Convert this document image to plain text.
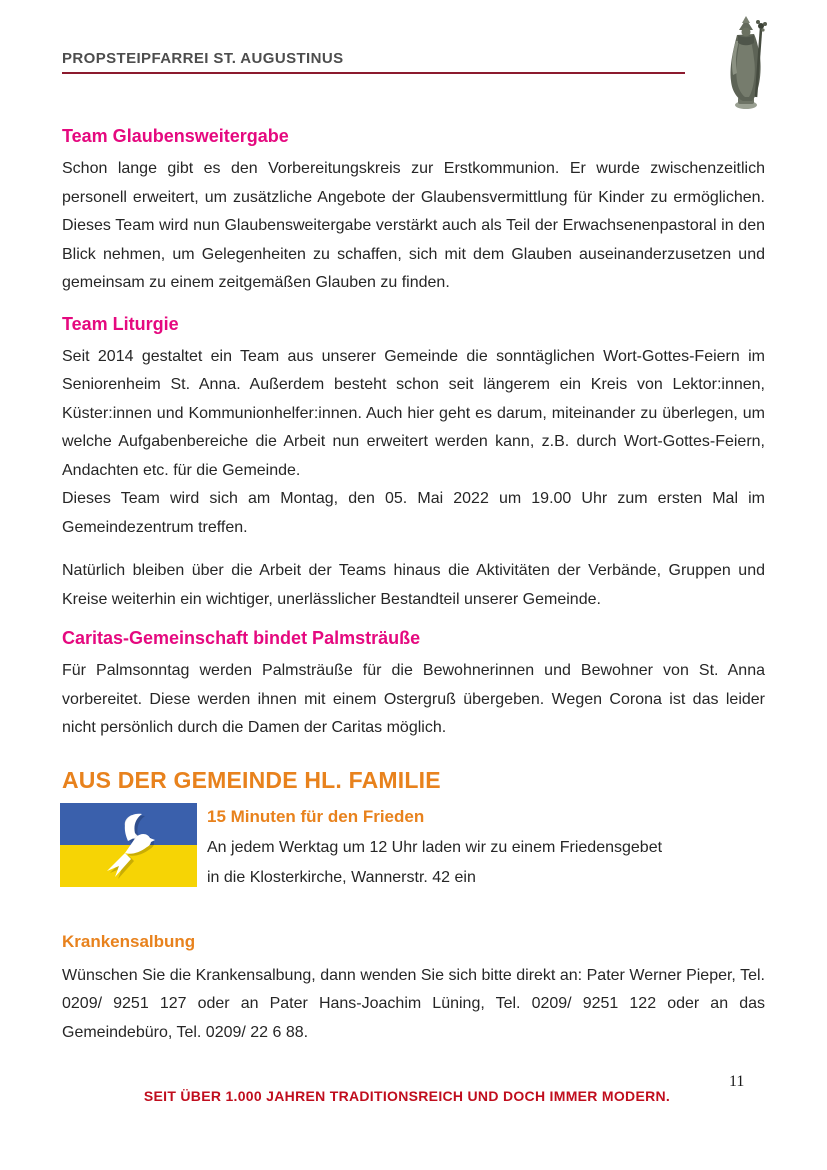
PROPSTEIPFARREI ST. AUGUSTINUS
Team Glaubensweitergabe

Schon lange gibt es den Vorbereitungskreis zur Erstkommunion. Er wurde zwischenzeitlich personell erweitert, um zusätzliche Angebote der Glaubensvermittlung für Kinder zu ermöglichen. Dieses Team wird nun Glaubensweitergabe verstärkt auch als Teil der Erwachsenenpastoral in den Blick nehmen, um Gelegenheiten zu schaffen, sich mit dem Glauben auseinanderzusetzen und gemeinsam zu einem zeitgemäßen Glauben zu finden.

Team Liturgie

Seit 2014 gestaltet ein Team aus unserer Gemeinde die sonntäglichen Wort-Gottes-Feiern im Seniorenheim St. Anna. Außerdem besteht schon seit längerem ein Kreis von Lektor:innen, Küster:innen und Kommunionhelfer:innen. Auch hier geht es darum, miteinander zu überlegen, um welche Aufgabenbereiche die Arbeit nun erweitert werden kann, z.B. durch Wort-Gottes-Feiern, Andachten etc. für die Gemeinde.

Dieses Team wird sich am Montag, den 05. Mai 2022 um 19.00 Uhr zum ersten Mal im Gemeindezentrum treffen.

Natürlich bleiben über die Arbeit der Teams hinaus die Aktivitäten der Verbände, Gruppen und Kreise weiterhin ein wichtiger, unerlässlicher Bestandteil unserer Gemeinde.

Caritas-Gemeinschaft bindet Palmsträuße

Für Palmsonntag werden Palmsträuße für die Bewohnerinnen und Bewohner von St. Anna vorbereitet. Diese werden ihnen mit einem Ostergruß übergeben. Wegen Corona ist das leider nicht persönlich durch die Damen der Caritas möglich.

AUS DER GEMEINDE HL. FAMILIE
15 Minuten für den Frieden
An jedem Werktag um 12 Uhr laden wir zu einem Friedensgebet
in die Klosterkirche, Wannerstr. 42 ein
Krankensalbung

Wünschen Sie die Krankensalbung, dann wenden Sie sich bitte direkt an: Pater Werner Pieper, Tel. 0209/ 9251 127 oder an Pater Hans-Joachim Lüning, Tel. 0209/ 9251 122 oder an das Gemeindebüro, Tel. 0209/ 22 6 88.

SEIT ÜBER 1.000 JAHREN TRADITIONSREICH UND DOCH IMMER MODERN.
11
